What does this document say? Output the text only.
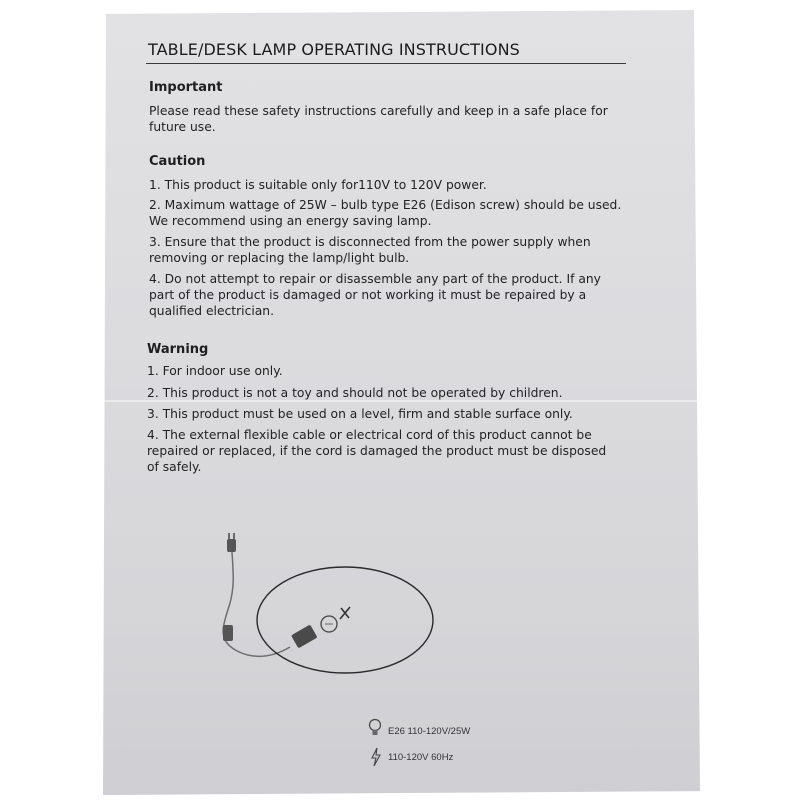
TABLE/DESK LAMP OPERATING INSTRUCTIONS
Important
Please read these safety instructions carefully and keep in a safe place for
future use.
Caution
1. This product is suitable only for110V to 120V power.
2. Maximum wattage of 25W – bulb type E26 (Edison screw) should be used.
We recommend using an energy saving lamp.
3. Ensure that the product is disconnected from the power supply when
removing or replacing the lamp/light bulb.
4. Do not attempt to repair or disassemble any part of the product. If any
part of the product is damaged or not working it must be repaired by a
qualified electrician.
Warning
1. For indoor use only.
2. This product is not a toy and should not be operated by children.
3. This product must be used on a level, firm and stable surface only.
4. The external flexible cable or electrical cord of this product cannot be
repaired or replaced, if the cord is damaged the product must be disposed
of safely.
E26 110-120V/25W
110-120V 60Hz
